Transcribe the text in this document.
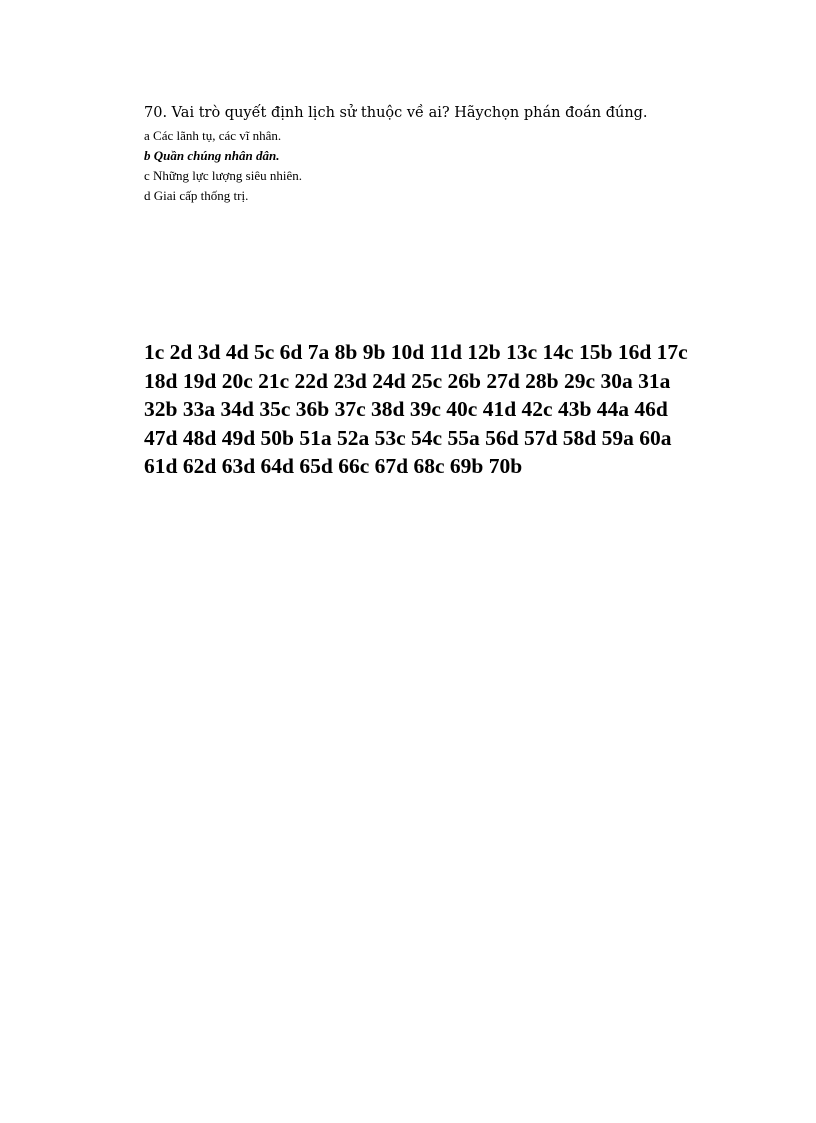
70. Vai trò quyết định lịch sử thuộc về ai? Hãychọn phán đoán đúng.

a Các lãnh tụ, các vĩ nhân.

b Quần chúng nhân dân.

c Những lực lượng siêu nhiên.

d Giai cấp thống trị.

1c 2d 3d 4d 5c 6d 7a 8b 9b 10d 11d 12b 13c 14c 15b 16d 17c 18d 19d 20c 21c 22d 23d 24d 25c 26b 27d 28b 29c 30a 31a 32b 33a 34d 35c 36b 37c 38d 39c 40c 41d 42c 43b 44a 46d 47d 48d 49d 50b 51a 52a 53c 54c 55a 56d 57d 58d 59a 60a 61d 62d 63d 64d 65d 66c 67d 68c 69b 70b
